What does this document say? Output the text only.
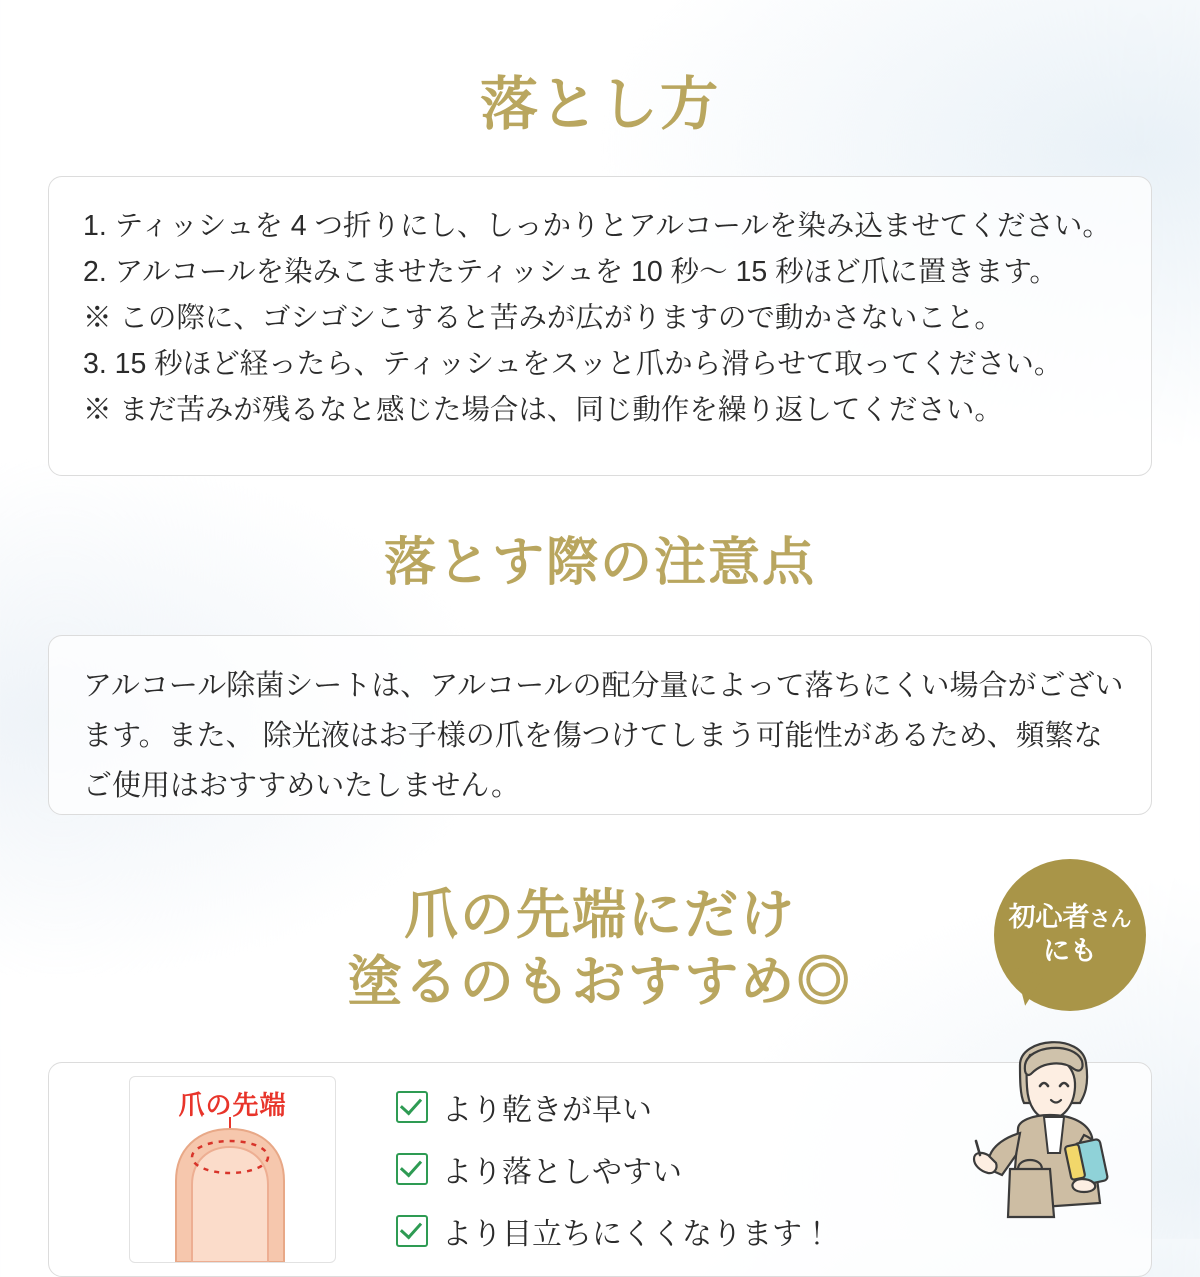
落とし方
1. ティッシュを 4 つ折りにし、しっかりとアルコールを染み込ませてください。
2. アルコールを染みこませたティッシュを 10 秒〜 15 秒ほど爪に置きます。
※ この際に、ゴシゴシこすると苦みが広がりますので動かさないこと。
3. 15 秒ほど経ったら、ティッシュをスッと爪から滑らせて取ってください。
※ まだ苦みが残るなと感じた場合は、同じ動作を繰り返してください。
落とす際の注意点

アルコール除菌シートは、アルコールの配分量によって落ちにくい場合がございます。また、 除光液はお子様の爪を傷つけてしまう可能性があるため、頻繁なご使用はおすすめいたしません。

爪の先端にだけ
塗るのもおすすめ◎
初心者さん
にも
爪の先端	より乾きが早い
より落としやすい
より目立ちにくくなります！
